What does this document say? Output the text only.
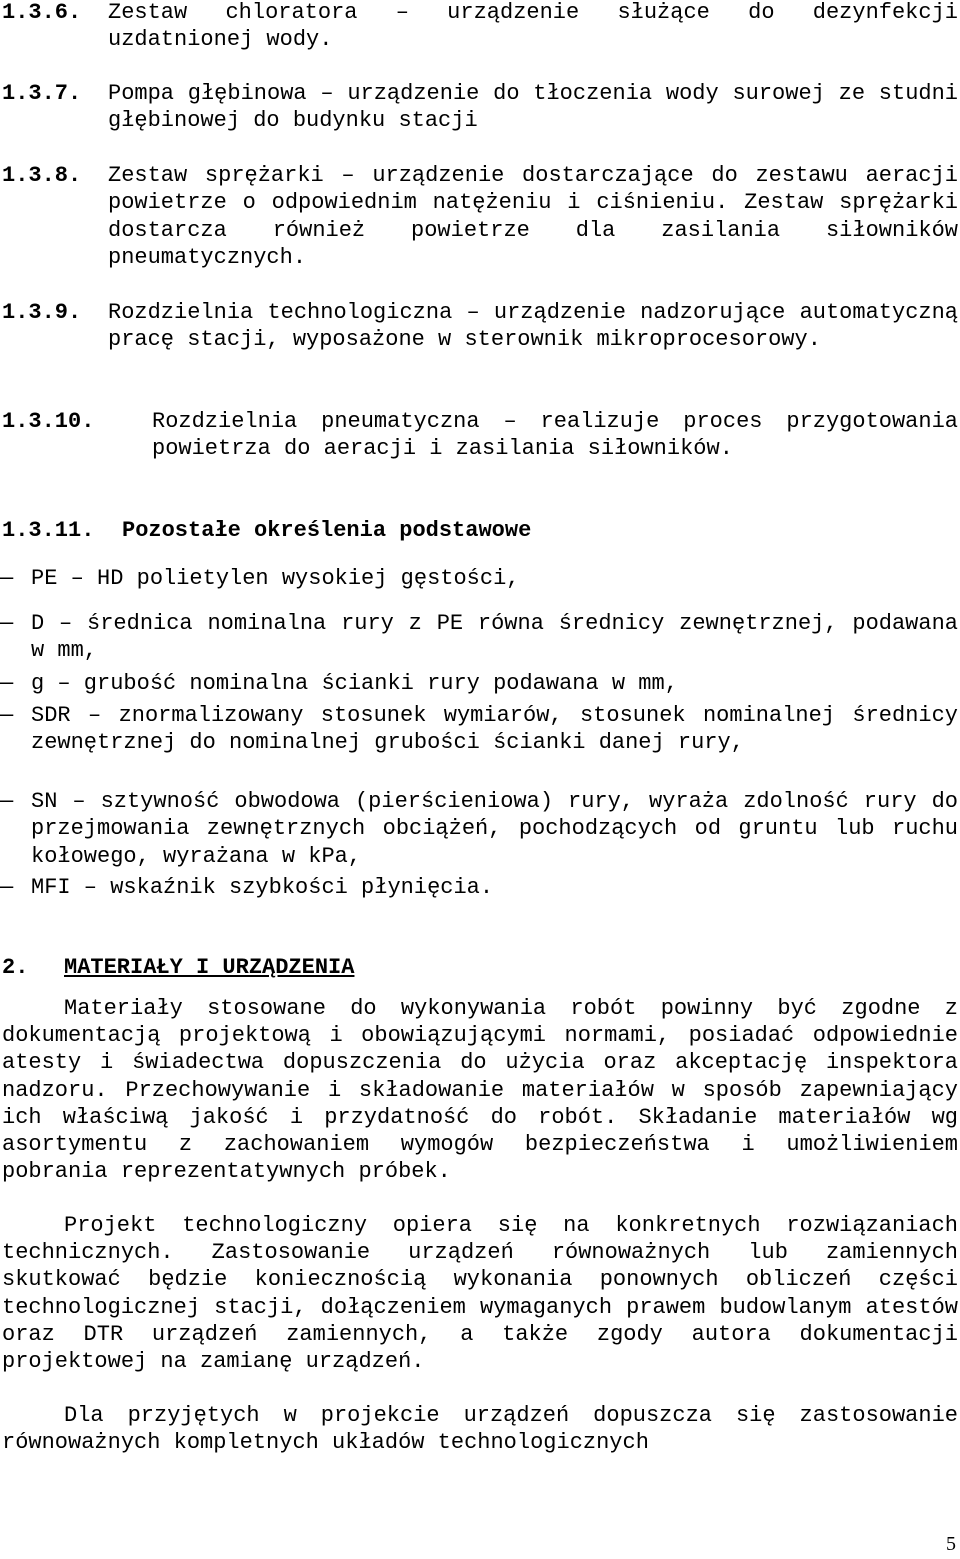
1.3.6. Zestaw chloratora – urządzenie służące do dezynfekcji uzdatnionej wody.
1.3.7. Pompa głębinowa – urządzenie do tłoczenia wody surowej ze studni głębinowej do budynku stacji
1.3.8. Zestaw sprężarki – urządzenie dostarczające do zestawu aeracji powietrze o odpowiednim natężeniu i ciśnieniu. Zestaw sprężarki dostarcza również powietrze dla zasilania siłowników pneumatycznych.
1.3.9. Rozdzielnia technologiczna – urządzenie nadzorujące automatyczną pracę stacji, wyposażone w sterownik mikroprocesorowy.
1.3.10.	Rozdzielnia pneumatyczna – realizuje proces przygotowania powietrza do aeracji i zasilania siłowników.
1.3.11. Pozostałe określenia podstawowe
— PE – HD polietylen wysokiej gęstości,
— D – średnica nominalna rury z PE równa średnicy zewnętrznej, podawana w mm,
— g – grubość nominalna ścianki rury podawana w mm,
— SDR – znormalizowany stosunek wymiarów, stosunek nominalnej średnicy zewnętrznej do nominalnej grubości ścianki danej rury,
— SN – sztywność obwodowa (pierścieniowa) rury, wyraża zdolność rury do przejmowania zewnętrznych obciążeń, pochodzących od gruntu lub ruchu kołowego, wyrażana w kPa,
— MFI – wskaźnik szybkości płynięcia.
2. MATERIAŁY I URZĄDZENIA
Materiały stosowane do wykonywania robót powinny być zgodne z dokumentacją projektową i obowiązującymi normami, posiadać odpowiednie atesty i świadectwa dopuszczenia do użycia oraz akceptację inspektora nadzoru. Przechowywanie i składowanie materiałów w sposób zapewniający ich właściwą jakość i przydatność do robót. Składanie materiałów wg asortymentu z zachowaniem wymogów bezpieczeństwa i umożliwieniem pobrania reprezentatywnych próbek.
Projekt technologiczny opiera się na konkretnych rozwiązaniach technicznych. Zastosowanie urządzeń równoważnych lub zamiennych skutkować będzie koniecznością wykonania ponownych obliczeń części technologicznej stacji, dołączeniem wymaganych prawem budowlanym atestów oraz DTR urządzeń zamiennych, a także zgody autora dokumentacji projektowej na zamianę urządzeń.
Dla przyjętych w projekcie urządzeń dopuszcza się zastosowanie równoważnych kompletnych układów technologicznych
5
